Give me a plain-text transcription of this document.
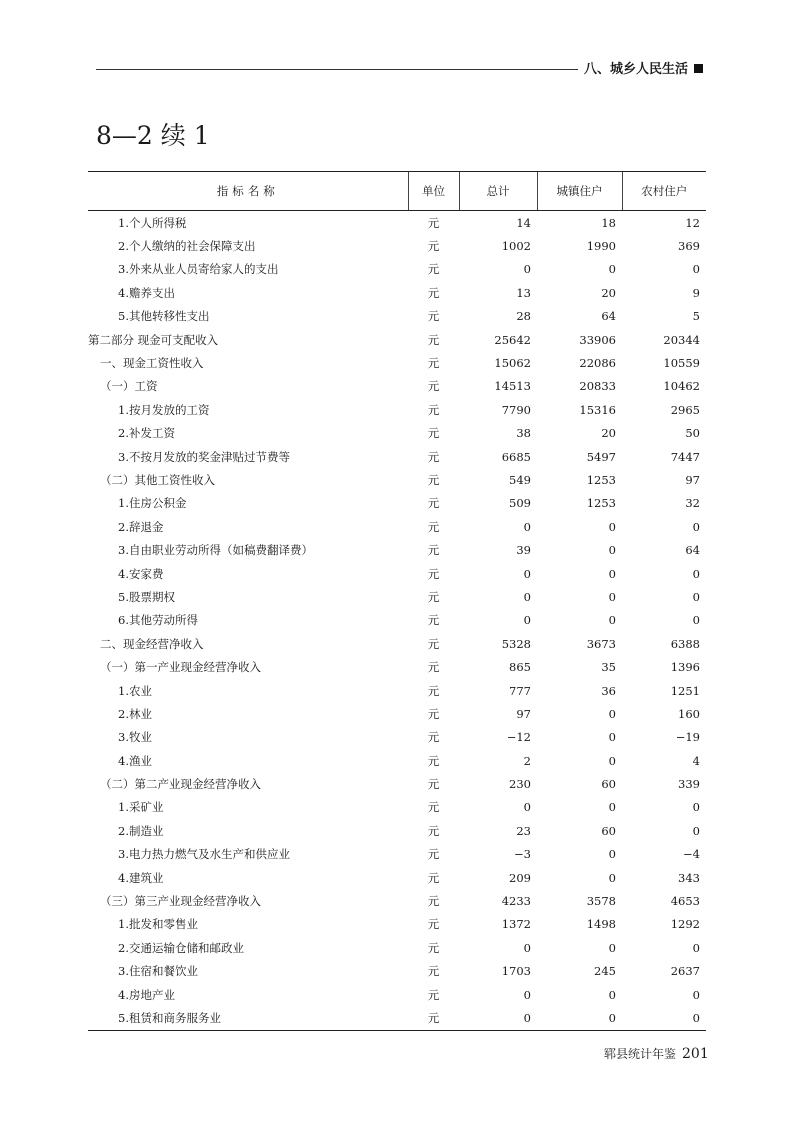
八、城乡人民生活
8—2 续 1
指标名称	单位	总计	城镇住户	农村住户
1.个人所得税	元	14	18	12
2.个人缴纳的社会保障支出	元	1002	1990	369
3.外来从业人员寄给家人的支出	元	0	0	0
4.赡养支出	元	13	20	9
5.其他转移性支出	元	28	64	5
第二部分 现金可支配收入	元	25642	33906	20344
一、现金工资性收入	元	15062	22086	10559
（一）工资	元	14513	20833	10462
1.按月发放的工资	元	7790	15316	2965
2.补发工资	元	38	20	50
3.不按月发放的奖金津贴过节费等	元	6685	5497	7447
（二）其他工资性收入	元	549	1253	97
1.住房公积金	元	509	1253	32
2.辞退金	元	0	0	0
3.自由职业劳动所得（如稿费翻译费）	元	39	0	64
4.安家费	元	0	0	0
5.股票期权	元	0	0	0
6.其他劳动所得	元	0	0	0
二、现金经营净收入	元	5328	3673	6388
（一）第一产业现金经营净收入	元	865	35	1396
1.农业	元	777	36	1251
2.林业	元	97	0	160
3.牧业	元	−12	0	−19
4.渔业	元	2	0	4
（二）第二产业现金经营净收入	元	230	60	339
1.采矿业	元	0	0	0
2.制造业	元	23	60	0
3.电力热力燃气及水生产和供应业	元	−3	0	−4
4.建筑业	元	209	0	343
（三）第三产业现金经营净收入	元	4233	3578	4653
1.批发和零售业	元	1372	1498	1292
2.交通运输仓储和邮政业	元	0	0	0
3.住宿和餐饮业	元	1703	245	2637
4.房地产业	元	0	0	0
5.租赁和商务服务业	元	0	0	0
郓县统计年鉴 201
